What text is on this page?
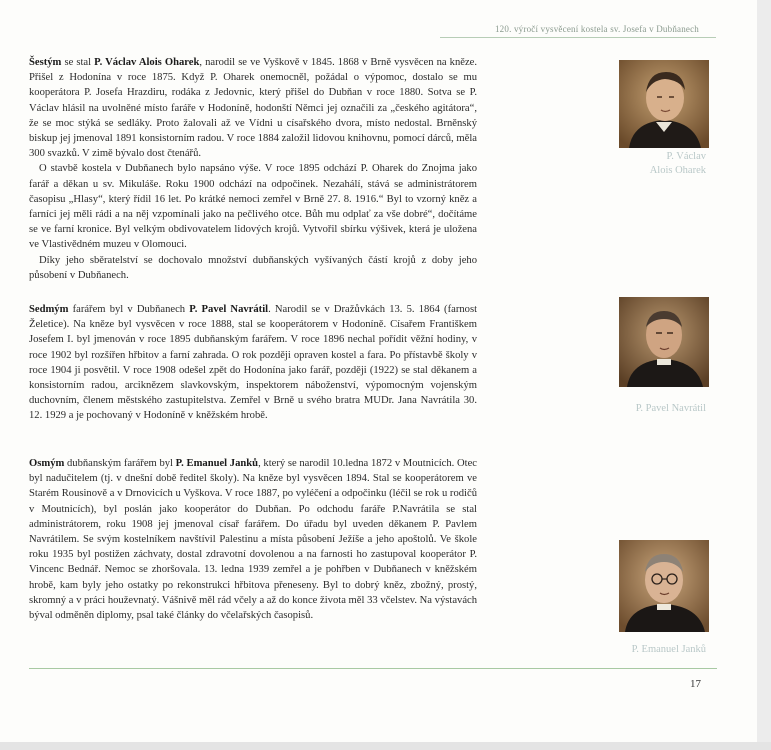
120. výročí vysvěcení kostela sv. Josefa v Dubňanech

Šestým se stal P. Václav Alois Oharek, narodil se ve Vyškově v 1845. 1868 v Brně vysvěcen na kněze. Přišel z Hodonína v roce 1875. Když P. Oharek onemocněl, požádal o výpomoc, dostalo se mu kooperátora P. Josefa Hrazdiru, rodáka z Jedovnic, který přišel do Dubňan v roce 1880. Sotva se P. Václav hlásil na uvolněné místo faráře v Hodoníně, hodonští Němci jej označili za „českého agitátora“, že se moc stýká se sedláky. Proto žalovali až ve Vídni u císařského dvora, místo nedostal. Brněnský biskup jej jmenoval 1891 konsistorním radou. V roce 1884 založil lidovou knihovnu, pomocí dárců, měla 300 svazků. V zimě bývalo dost čtenářů.

O stavbě kostela v Dubňanech bylo napsáno výše. V roce 1895 odchází P. Oharek do Znojma jako farář a děkan u sv. Mikuláše. Roku 1900 odchází na odpočinek. Nezahálí, stává se administrátorem časopisu „Hlasy“, který řídil 16 let. Po krátké nemoci zemřel v Brně 27. 8. 1916.“ Byl to vzorný kněz a farníci jej měli rádi a na něj vzpomínali jako na pečlivého otce. Bůh mu odplať za vše dobré“, dočítáme se ve farní kronice. Byl velkým obdivovatelem lidových krojů. Vytvořil sbírku výšivek, která je uložena ve Vlastivědném muzeu v Olomouci.

Díky jeho sběratelství se dochovalo množství dubňanských vyšívaných částí krojů z doby jeho působení v Dubňanech.

Sedmým farářem byl v Dubňanech P. Pavel Navrátil. Narodil se v Dražůvkách 13. 5. 1864 (farnost Želetice). Na kněze byl vysvěcen v roce 1888, stal se kooperátorem v Hodoníně. Císařem Františkem Josefem I. byl jmenován v roce 1895 dubňanským farářem. V roce 1896 nechal pořídit věžní hodiny, v roce 1902 byl rozšířen hřbitov a farní zahrada. O rok později opraven kostel a fara. Po přístavbě školy v roce 1904 ji posvětil. V roce 1908 odešel zpět do Hodonína jako farář, později (1922) se stal děkanem a konsistorním radou, arciknězem slavkovským, inspektorem náboženství, výpomocným vojenským duchovním, členem městského zastupitelstva. Zemřel v Brně u svého bratra MUDr. Jana Navrátila 30. 12. 1929 a je pochovaný v Hodoníně v kněžském hrobě.

Osmým dubňanským farářem byl P. Emanuel Janků, který se narodil 10.ledna 1872 v Moutnicích. Otec byl nadučitelem (tj. v dnešní době ředitel školy). Na kněze byl vysvěcen 1894. Stal se kooperátorem ve Starém Rousinově a v Drnovicích u Vyškova. V roce 1887, po vyléčení a odpočinku (léčil se rok u rodičů v Moutnicích), byl poslán jako kooperátor do Dubňan. Po odchodu faráře P.Navrátila se stal administrátorem, roku 1908 jej jmenoval císař farářem. Do úřadu byl uveden děkanem P. Pavlem Navrátilem. Se svým kostelníkem navštívil Palestinu a místa působení Ježíše a jeho apoštolů. Ve škole roku 1935 byl postižen záchvaty, dostal zdravotní dovolenou a na farnosti ho zastupoval kooperátor P. Vincenc Bednář. Nemoc se zhoršovala. 13. ledna 1939 zemřel a je pohřben v Dubňanech v kněžském hrobě, kam byly jeho ostatky po rekonstrukci hřbitova přeneseny. Byl to dobrý kněz, zbožný, prostý, skromný a v práci houževnatý. Vášnivě měl rád včely a až do konce života měl 33 včelstev. Na výstavách býval odměněn diplomy, psal také články do včelařských časopisů.

P. Václav
Alois Oharek
P. Pavel Navrátil
P. Emanuel Janků
17
